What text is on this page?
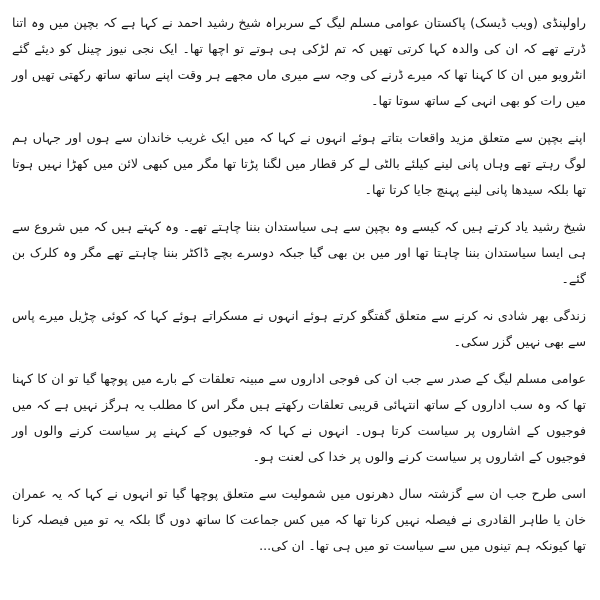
راولپنڈی (ویب ڈیسک) پاکستان عوامی مسلم لیگ کے سربراہ شیخ رشید احمد نے کہا ہے کہ بچپن میں وہ اتنا ڈرتے تھے کہ ان کی والدہ کہا کرتی تھیں کہ تم لڑکی ہی ہوتے تو اچھا تھا۔ ایک نجی نیوز چینل کو دیئے گئے انٹرویو میں ان کا کہنا تھا کہ میرے ڈرنے کی وجہ سے میری ماں مجھے ہر وقت اپنے ساتھ ساتھ رکھتی تھیں اور میں رات کو بھی انہی کے ساتھ سوتا تھا۔

اپنے بچپن سے متعلق مزید واقعات بتاتے ہوئے انہوں نے کہا کہ میں ایک غریب خاندان سے ہوں اور جہاں ہم لوگ رہتے تھے وہاں پانی لینے کیلئے بالٹی لے کر قطار میں لگنا پڑتا تھا مگر میں کبھی لائن میں کھڑا نہیں ہوتا تھا بلکہ سیدھا پانی لینے پہنچ جایا کرتا تھا۔

شیخ رشید یاد کرتے ہیں کہ کیسے وہ بچپن سے ہی سیاستدان بننا چاہتے تھے۔ وہ کہتے ہیں کہ میں شروع سے ہی ایسا سیاستدان بننا چاہتا تھا اور میں بن بھی گیا جبکہ دوسرے بچے ڈاکٹر بننا چاہتے تھے مگر وہ کلرک بن گئے۔

زندگی بھر شادی نہ کرنے سے متعلق گفتگو کرتے ہوئے انہوں نے مسکراتے ہوئے کہا کہ کوئی چڑیل میرے پاس سے بھی نہیں گزر سکی۔

عوامی مسلم لیگ کے صدر سے جب ان کی فوجی اداروں سے مبینہ تعلقات کے بارے میں پوچھا گیا تو ان کا کہنا تھا کہ وہ سب اداروں کے ساتھ انتہائی قریبی تعلقات رکھتے ہیں مگر اس کا مطلب یہ ہرگز نہیں ہے کہ میں فوجیوں کے اشاروں پر سیاست کرتا ہوں۔ انہوں نے کہا کہ فوجیوں کے کہنے پر سیاست کرنے والوں اور فوجیوں کے اشاروں پر سیاست کرنے والوں پر خدا کی لعنت ہو۔

اسی طرح جب ان سے گزشتہ سال دھرنوں میں شمولیت سے متعلق پوچھا گیا تو انہوں نے کہا کہ یہ عمران خان یا طاہر القادری نے فیصلہ نہیں کرنا تھا کہ میں کس جماعت کا ساتھ دوں گا بلکہ یہ تو میں فیصلہ کرنا تھا کیونکہ ہم تینوں میں سے سیاست تو میں ہی تھا۔ ان کی...
